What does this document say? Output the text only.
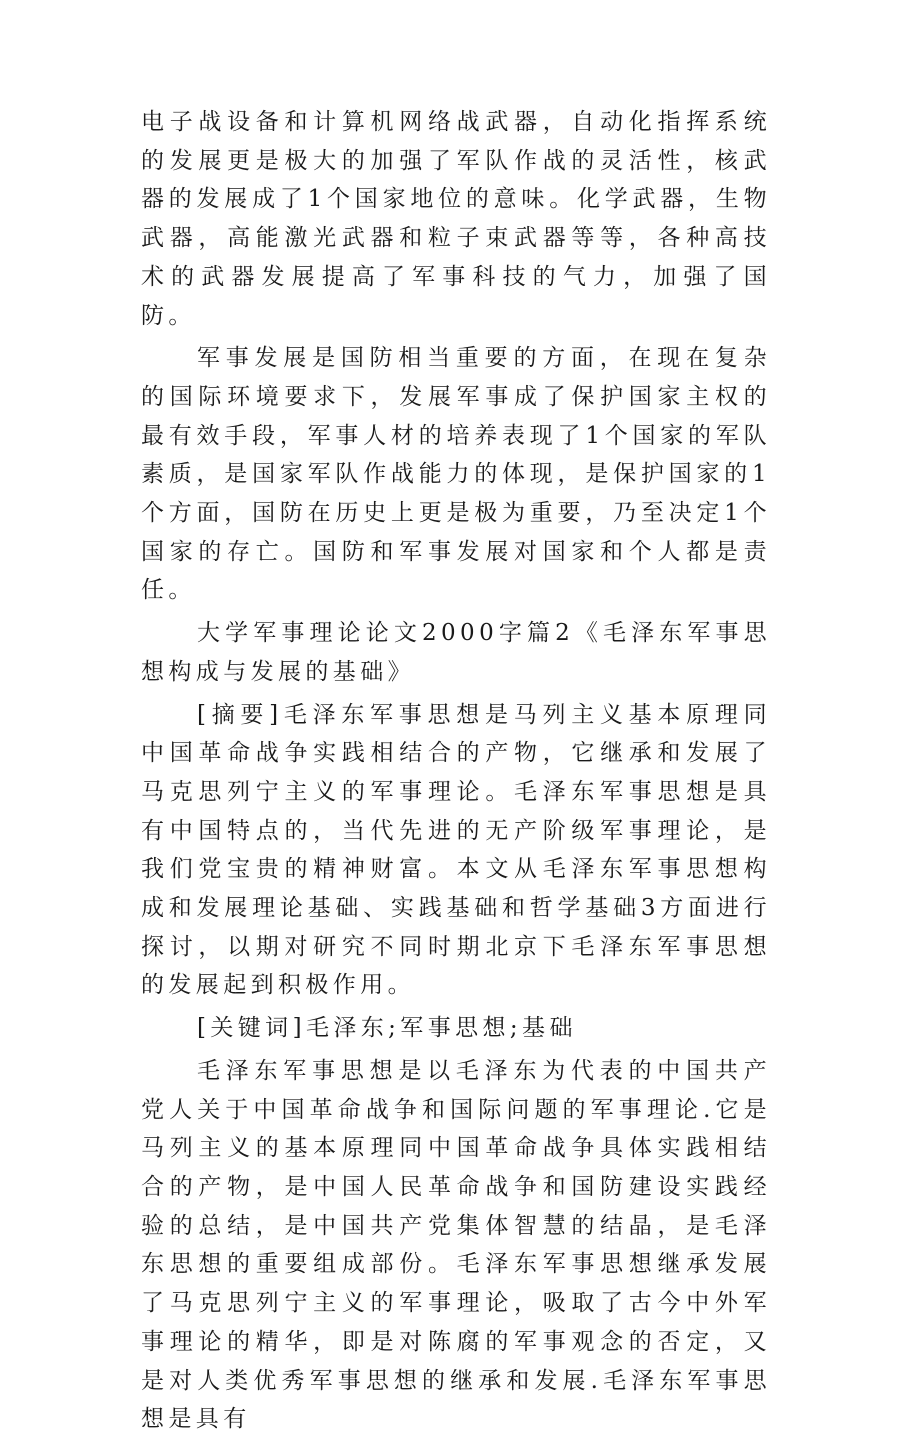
电子战设备和计算机网络战武器，自动化指挥系统的发展更是极大的加强了军队作战的灵活性，核武器的发展成了1个国家地位的意味。化学武器，生物武器，高能激光武器和粒子束武器等等，各种高技术的武器发展提高了军事科技的气力，加强了国防。

军事发展是国防相当重要的方面，在现在复杂的国际环境要求下，发展军事成了保护国家主权的最有效手段，军事人材的培养表现了1个国家的军队素质，是国家军队作战能力的体现，是保护国家的1个方面，国防在历史上更是极为重要，乃至决定1个国家的存亡。国防和军事发展对国家和个人都是责任。

大学军事理论论文2000字篇2《毛泽东军事思想构成与发展的基础》

[摘要]毛泽东军事思想是马列主义基本原理同中国革命战争实践相结合的产物，它继承和发展了马克思列宁主义的军事理论。毛泽东军事思想是具有中国特点的，当代先进的无产阶级军事理论，是我们党宝贵的精神财富。本文从毛泽东军事思想构成和发展理论基础、实践基础和哲学基础3方面进行探讨，以期对研究不同时期北京下毛泽东军事思想的发展起到积极作用。

[关键词]毛泽东;军事思想;基础

毛泽东军事思想是以毛泽东为代表的中国共产党人关于中国革命战争和国际问题的军事理论.它是马列主义的基本原理同中国革命战争具体实践相结合的产物，是中国人民革命战争和国防建设实践经验的总结，是中国共产党集体智慧的结晶，是毛泽东思想的重要组成部份。毛泽东军事思想继承发展了马克思列宁主义的军事理论，吸取了古今中外军事理论的精华，即是对陈腐的军事观念的否定，又是对人类优秀军事思想的继承和发展.毛泽东军事思想是具有
